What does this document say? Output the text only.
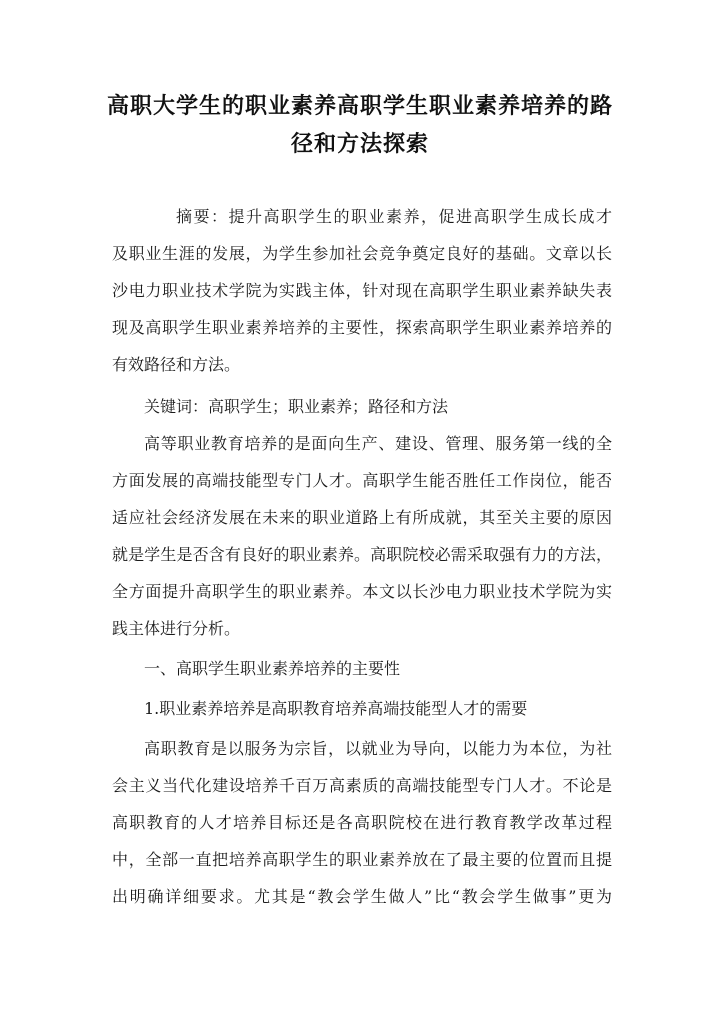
高职大学生的职业素养高职学生职业素养培养的路
径和方法探索

摘要：提升高职学生的职业素养，促进高职学生成长成才

及职业生涯的发展，为学生参加社会竞争奠定良好的基础。文章以长

沙电力职业技术学院为实践主体，针对现在高职学生职业素养缺失表

现及高职学生职业素养培养的主要性，探索高职学生职业素养培养的

有效路径和方法。

关键词：高职学生；职业素养；路径和方法

高等职业教育培养的是面向生产、建设、管理、服务第一线的全

方面发展的高端技能型专门人才。高职学生能否胜任工作岗位，能否

适应社会经济发展在未来的职业道路上有所成就，其至关主要的原因

就是学生是否含有良好的职业素养。高职院校必需采取强有力的方法，

全方面提升高职学生的职业素养。本文以长沙电力职业技术学院为实

践主体进行分析。

一、高职学生职业素养培养的主要性

1.职业素养培养是高职教育培养高端技能型人才的需要

高职教育是以服务为宗旨，以就业为导向，以能力为本位，为社

会主义当代化建设培养千百万高素质的高端技能型专门人才。不论是

高职教育的人才培养目标还是各高职院校在进行教育教学改革过程

中，全部一直把培养高职学生的职业素养放在了最主要的位置而且提

出明确详细要求。尤其是“教会学生做人”比“教会学生做事”更为
